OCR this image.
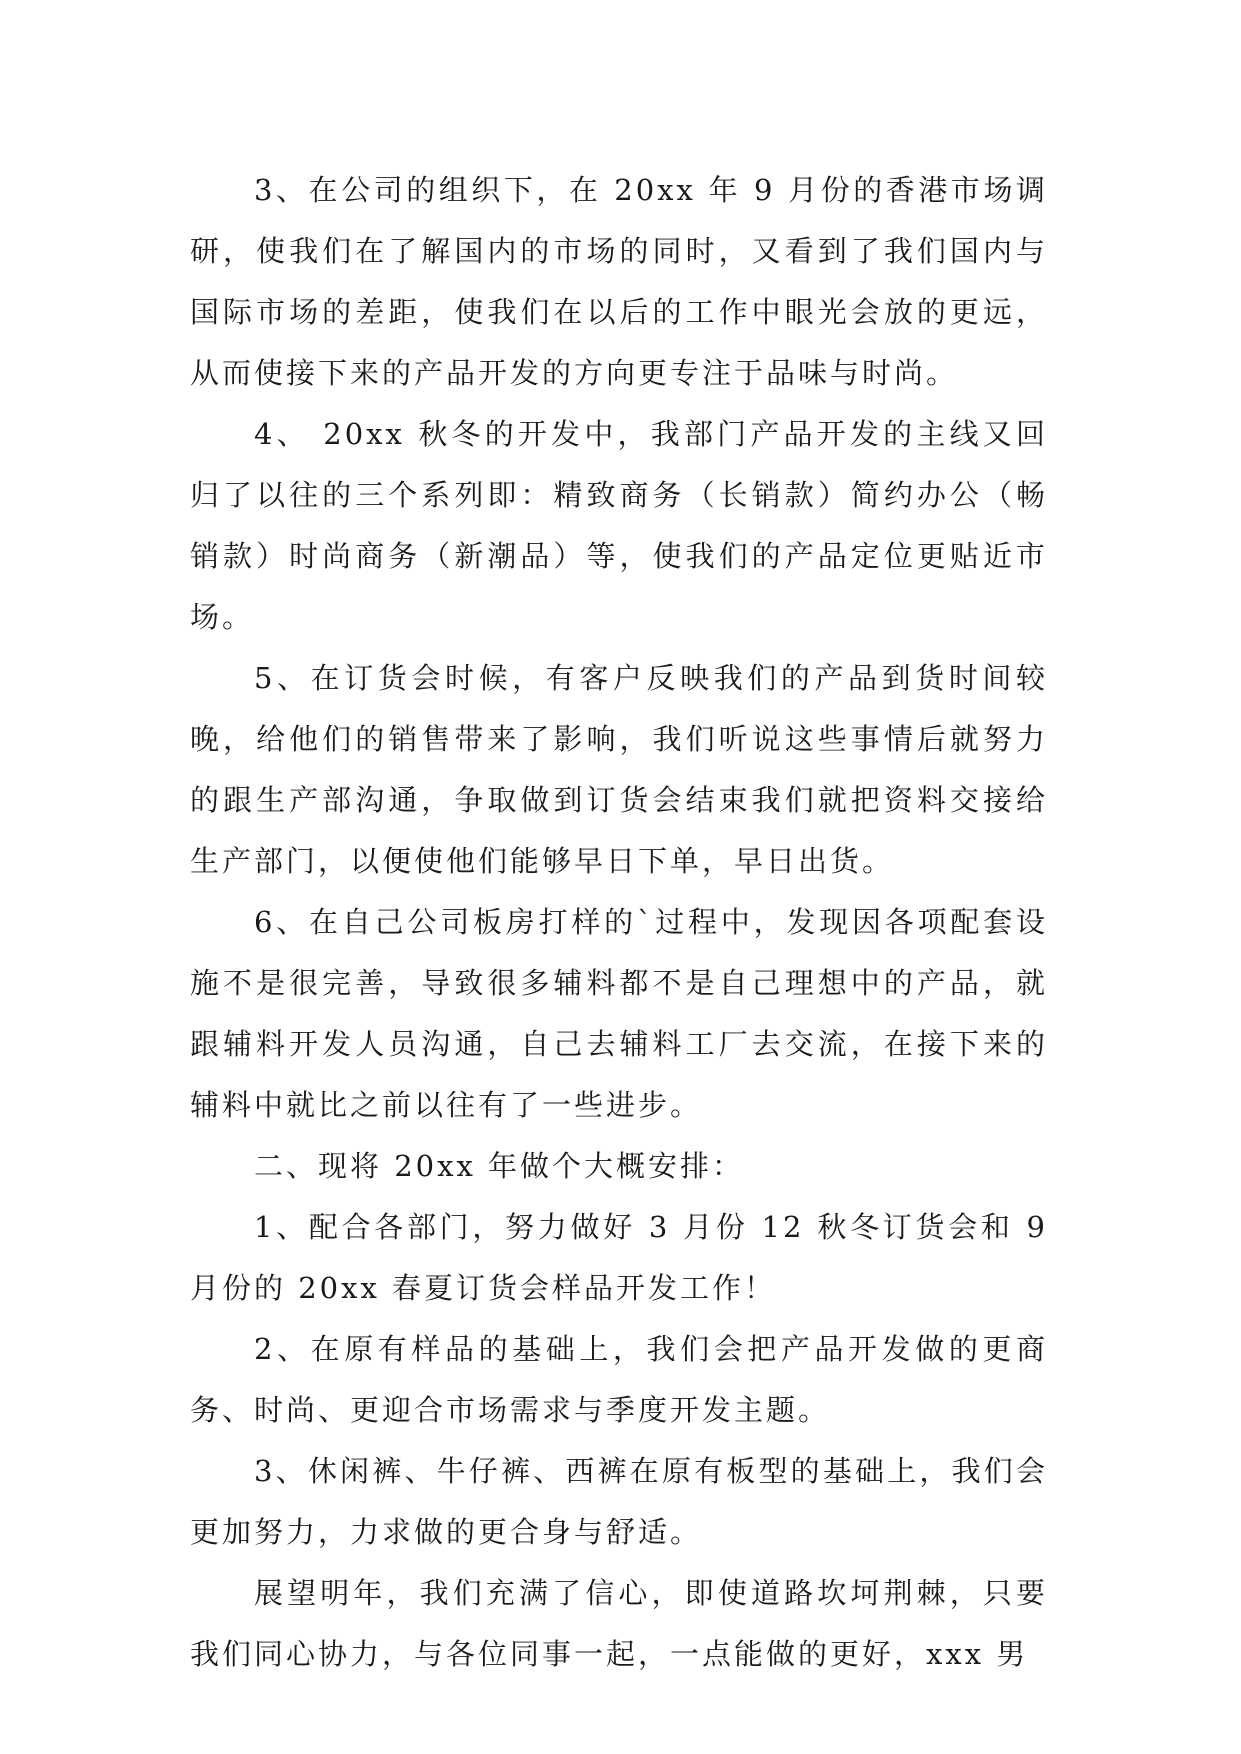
3、在公司的组织下，在 20xx 年 9 月份的香港市场调研，使我们在了解国内的市场的同时，又看到了我们国内与国际市场的差距，使我们在以后的工作中眼光会放的更远，从而使接下来的产品开发的方向更专注于品味与时尚。

4、 20xx 秋冬的开发中，我部门产品开发的主线又回归了以往的三个系列即：精致商务（长销款）简约办公（畅销款）时尚商务（新潮品）等，使我们的产品定位更贴近市场。

5、在订货会时候，有客户反映我们的产品到货时间较晚，给他们的销售带来了影响，我们听说这些事情后就努力的跟生产部沟通，争取做到订货会结束我们就把资料交接给生产部门，以便使他们能够早日下单，早日出货。

6、在自己公司板房打样的`过程中，发现因各项配套设施不是很完善，导致很多辅料都不是自己理想中的产品，就跟辅料开发人员沟通，自己去辅料工厂去交流，在接下来的辅料中就比之前以往有了一些进步。

二、现将 20xx 年做个大概安排：

1、配合各部门，努力做好 3 月份 12 秋冬订货会和 9 月份的 20xx 春夏订货会样品开发工作！

2、在原有样品的基础上，我们会把产品开发做的更商务、时尚、更迎合市场需求与季度开发主题。

3、休闲裤、牛仔裤、西裤在原有板型的基础上，我们会更加努力，力求做的更合身与舒适。

展望明年，我们充满了信心，即使道路坎坷荆棘，只要我们同心协力，与各位同事一起，一点能做的更好，xxx 男
